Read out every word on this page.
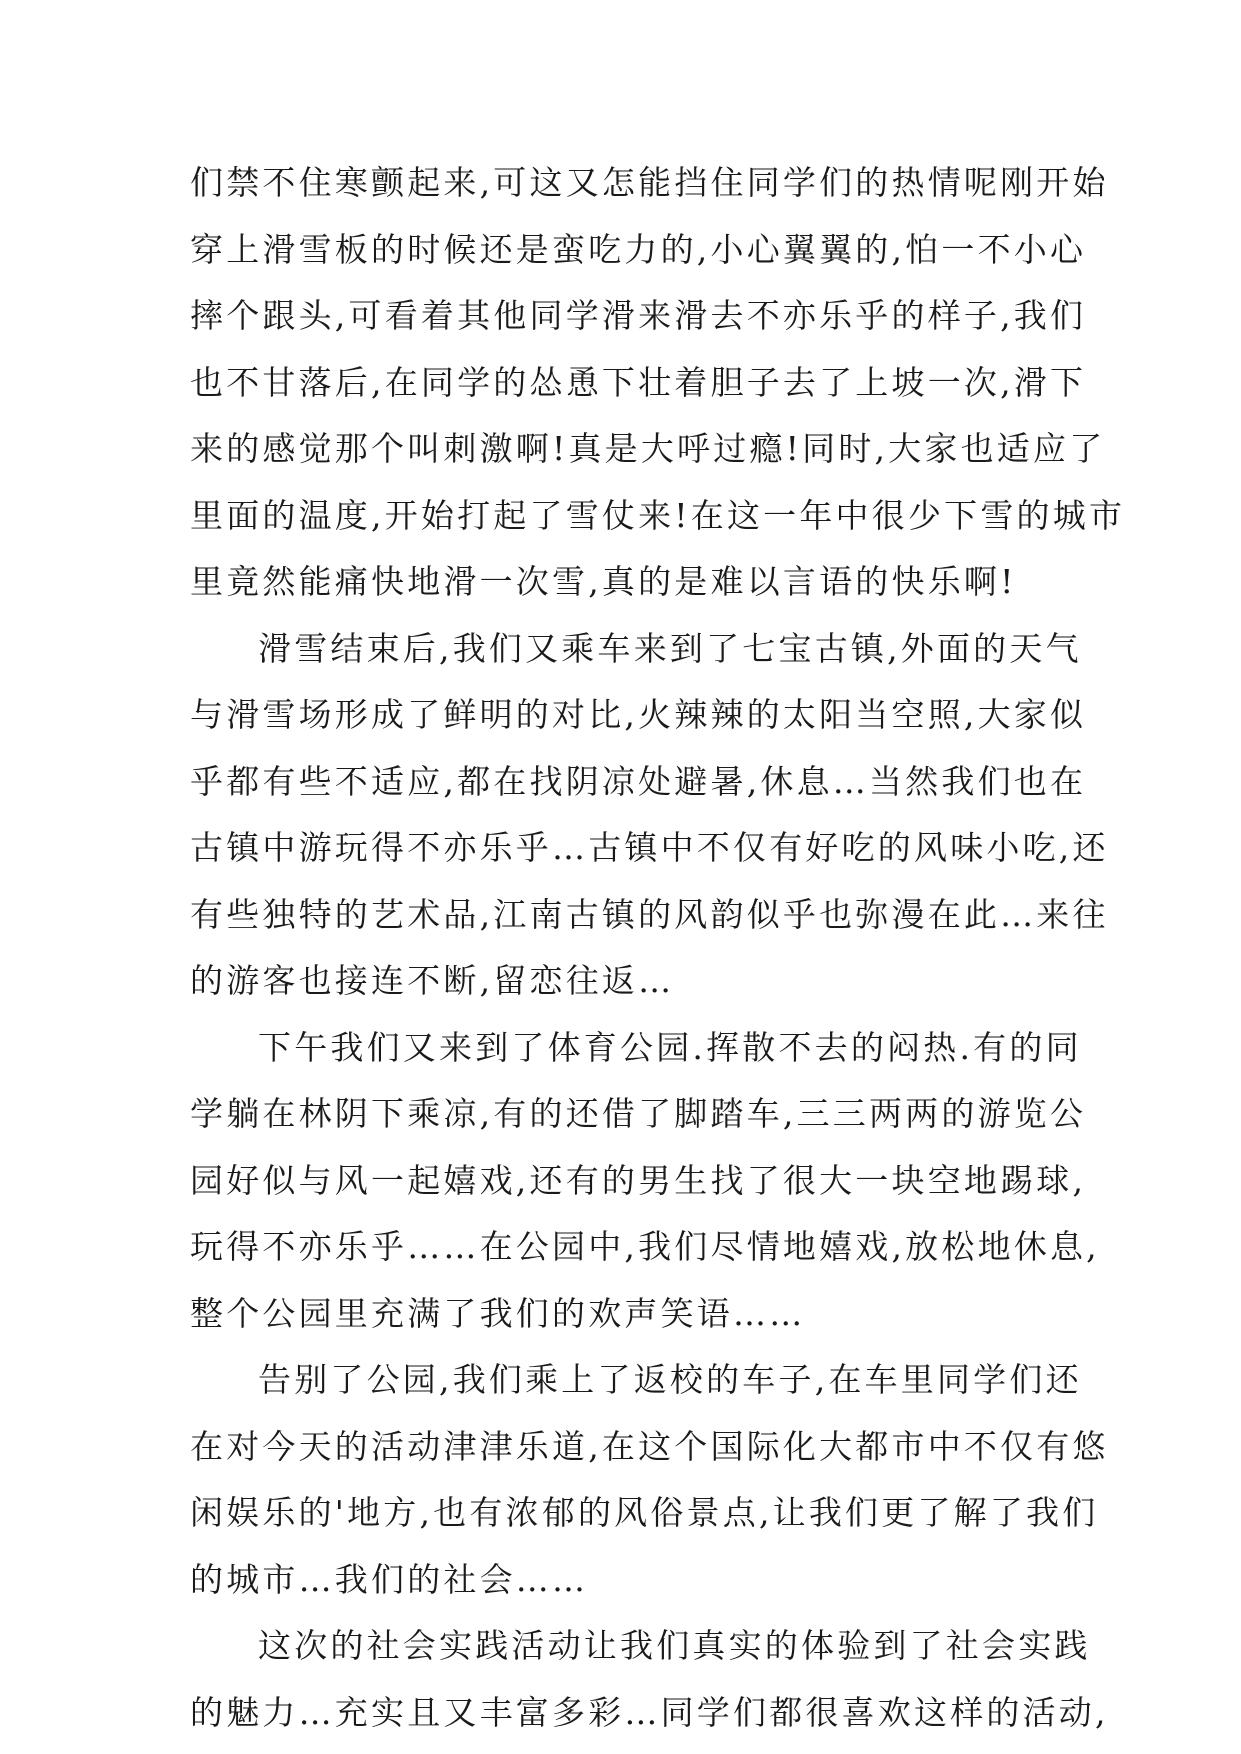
们禁不住寒颤起来,可这又怎能挡住同学们的热情呢刚开始
穿上滑雪板的时候还是蛮吃力的,小心翼翼的,怕一不小心
摔个跟头,可看着其他同学滑来滑去不亦乐乎的样子,我们
也不甘落后,在同学的怂恿下壮着胆子去了上坡一次,滑下
来的感觉那个叫刺激啊!真是大呼过瘾!同时,大家也适应了
里面的温度,开始打起了雪仗来!在这一年中很少下雪的城市
里竟然能痛快地滑一次雪,真的是难以言语的快乐啊!
滑雪结束后,我们又乘车来到了七宝古镇,外面的天气
与滑雪场形成了鲜明的对比,火辣辣的太阳当空照,大家似
乎都有些不适应,都在找阴凉处避暑,休息…当然我们也在
古镇中游玩得不亦乐乎…古镇中不仅有好吃的风味小吃,还
有些独特的艺术品,江南古镇的风韵似乎也弥漫在此…来往
的游客也接连不断,留恋往返…
下午我们又来到了体育公园.挥散不去的闷热.有的同
学躺在林阴下乘凉,有的还借了脚踏车,三三两两的游览公
园好似与风一起嬉戏,还有的男生找了很大一块空地踢球,
玩得不亦乐乎……在公园中,我们尽情地嬉戏,放松地休息,
整个公园里充满了我们的欢声笑语……
告别了公园,我们乘上了返校的车子,在车里同学们还
在对今天的活动津津乐道,在这个国际化大都市中不仅有悠
闲娱乐的'地方,也有浓郁的风俗景点,让我们更了解了我们
的城市…我们的社会……
这次的社会实践活动让我们真实的体验到了社会实践
的魅力…充实且又丰富多彩…同学们都很喜欢这样的活动,
